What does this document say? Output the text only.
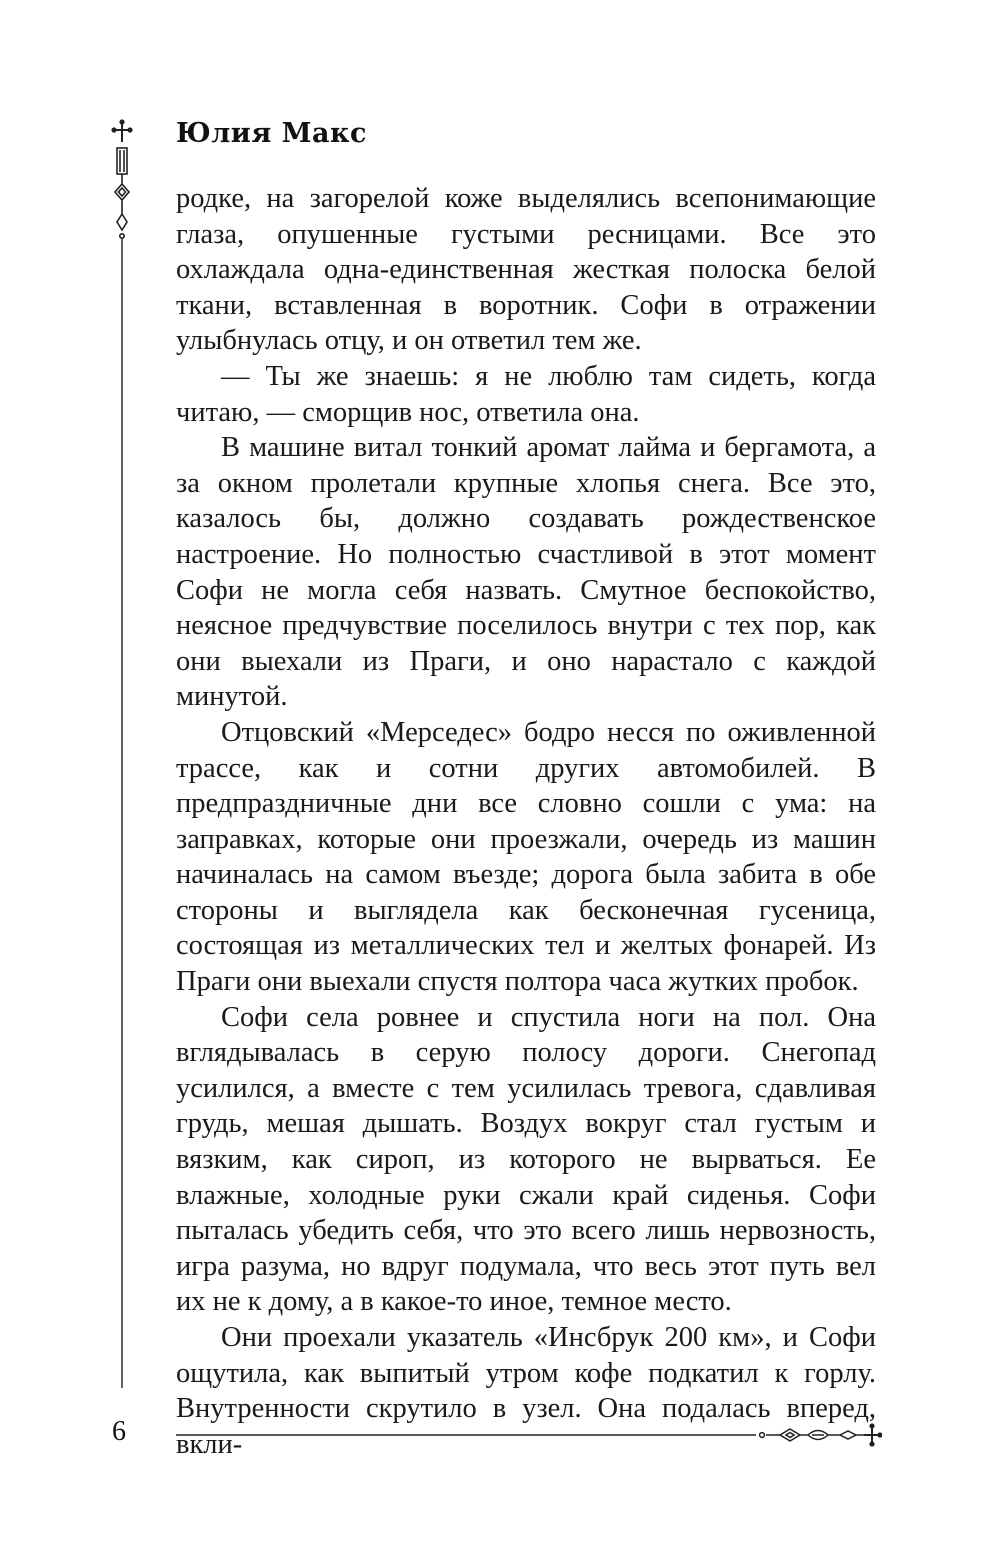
Юлия Макс

родке, на загорелой коже выделялись всепонимающие глаза, опушенные густыми ресницами. Все это охлаждала одна-единственная жесткая полоска белой ткани, вставленная в воротник. Софи в отражении улыбнулась отцу, и он ответил тем же.

— Ты же знаешь: я не люблю там сидеть, когда читаю, — сморщив нос, ответила она.

В машине витал тонкий аромат лайма и бергамота, а за окном пролетали крупные хлопья снега. Все это, казалось бы, должно создавать рождественское настроение. Но полностью счастливой в этот момент Софи не могла себя назвать. Смутное беспокойство, неясное предчувствие поселилось внутри с тех пор, как они выехали из Праги, и оно нарастало с каждой минутой.

Отцовский «Мерседес» бодро несся по оживленной трассе, как и сотни других автомобилей. В предпраздничные дни все словно сошли с ума: на заправках, которые они проезжали, очередь из машин начиналась на самом въезде; дорога была забита в обе стороны и выглядела как бесконечная гусеница, состоящая из металлических тел и желтых фонарей. Из Праги они выехали спустя полтора часа жутких пробок.

Софи села ровнее и спустила ноги на пол. Она вглядывалась в серую полосу дороги. Снегопад усилился, а вместе с тем усилилась тревога, сдавливая грудь, мешая дышать. Воздух вокруг стал густым и вязким, как сироп, из которого не вырваться. Ее влажные, холодные руки сжали край сиденья. Софи пыталась убедить себя, что это всего лишь нервозность, игра разума, но вдруг подумала, что весь этот путь вел их не к дому, а в какое-то иное, темное место.

Они проехали указатель «Инсбрук 200 км», и Софи ощутила, как выпитый утром кофе подкатил к горлу. Внутренности скрутило в узел. Она подалась вперед, вкли-

6
